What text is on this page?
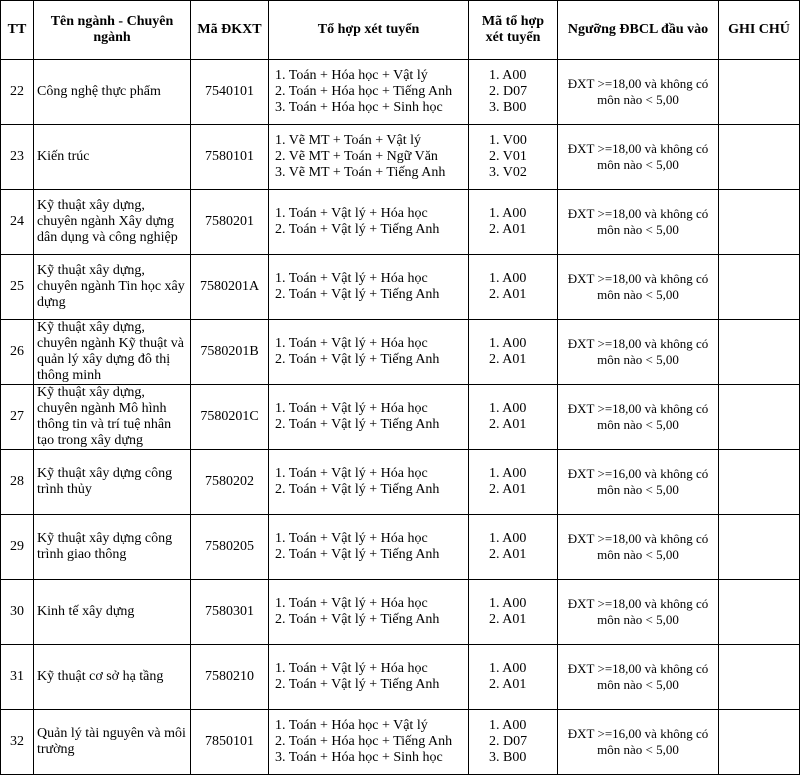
TT	Tên ngành - Chuyên ngành	Mã ĐKXT	Tổ hợp xét tuyển	Mã tổ hợp xét tuyển	Ngưỡng ĐBCL đầu vào	GHI CHÚ
22	Công nghệ thực phẩm	7540101	1. Toán + Hóa học + Vật lý
2. Toán + Hóa học + Tiếng Anh
3. Toán + Hóa học + Sinh học	1. A00
2. D07
3. B00	ĐXT >=18,00 và không có
môn nào < 5,00	

23	Kiến trúc	7580101	1. Vẽ MT + Toán + Vật lý
2. Vẽ MT + Toán + Ngữ Văn
3. Vẽ MT + Toán + Tiếng Anh	1. V00
2. V01
3. V02	ĐXT >=18,00 và không có
môn nào < 5,00	

24	Kỹ thuật xây dựng, chuyên ngành Xây dựng dân dụng và công nghiệp	7580201	1. Toán + Vật lý + Hóa học
2. Toán + Vật lý + Tiếng Anh	1. A00
2. A01	ĐXT >=18,00 và không có
môn nào < 5,00	

25	Kỹ thuật xây dựng, chuyên ngành Tin học xây dựng	7580201A	1. Toán + Vật lý + Hóa học
2. Toán + Vật lý + Tiếng Anh	1. A00
2. A01	ĐXT >=18,00 và không có
môn nào < 5,00	

26	Kỹ thuật xây dựng, chuyên ngành Kỹ thuật và quản lý xây dựng đô thị thông minh	7580201B	1. Toán + Vật lý + Hóa học
2. Toán + Vật lý + Tiếng Anh	1. A00
2. A01	ĐXT >=18,00 và không có
môn nào < 5,00	

27	Kỹ thuật xây dựng, chuyên ngành Mô hình thông tin và trí tuệ nhân tạo trong xây dựng	7580201C	1. Toán + Vật lý + Hóa học
2. Toán + Vật lý + Tiếng Anh	1. A00
2. A01	ĐXT >=18,00 và không có
môn nào < 5,00	

28	Kỹ thuật xây dựng công trình thủy	7580202	1. Toán + Vật lý + Hóa học
2. Toán + Vật lý + Tiếng Anh	1. A00
2. A01	ĐXT >=16,00 và không có
môn nào < 5,00	

29	Kỹ thuật xây dựng công trình giao thông	7580205	1. Toán + Vật lý + Hóa học
2. Toán + Vật lý + Tiếng Anh	1. A00
2. A01	ĐXT >=18,00 và không có
môn nào < 5,00	

30	Kinh tế xây dựng	7580301	1. Toán + Vật lý + Hóa học
2. Toán + Vật lý + Tiếng Anh	1. A00
2. A01	ĐXT >=18,00 và không có
môn nào < 5,00	

31	Kỹ thuật cơ sở hạ tầng	7580210	1. Toán + Vật lý + Hóa học
2. Toán + Vật lý + Tiếng Anh	1. A00
2. A01	ĐXT >=18,00 và không có
môn nào < 5,00	

32	Quản lý tài nguyên và môi trường	7850101	1. Toán + Hóa học + Vật lý
2. Toán + Hóa học + Tiếng Anh
3. Toán + Hóa học + Sinh học	1. A00
2. D07
3. B00	ĐXT >=16,00 và không có
môn nào < 5,00	
